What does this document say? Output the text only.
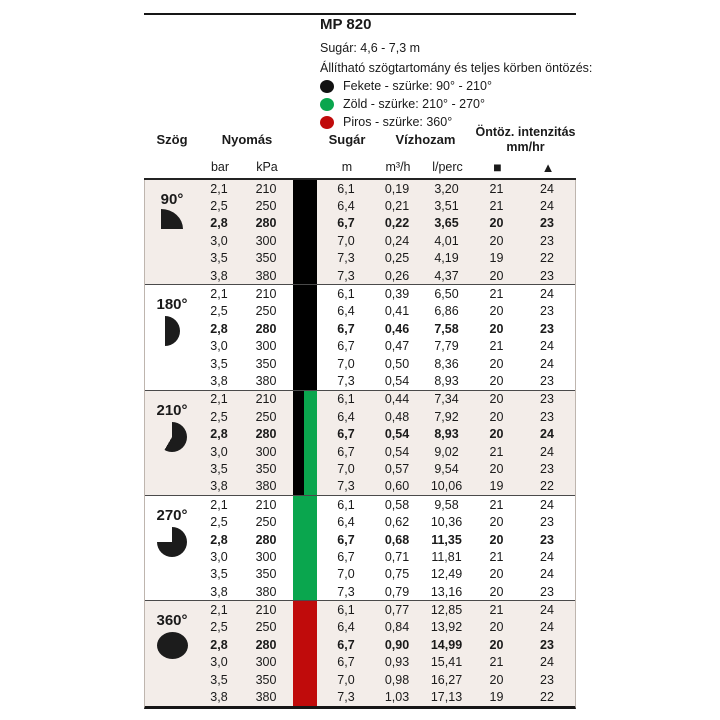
MP 820
Sugár: 4,6 - 7,3 m
Állítható szögtartomány és teljes körben öntözés:
Fekete - szürke: 90° - 210°
Zöld - szürke: 210° - 270°
Piros - szürke: 360°
Szög	Nyomás	Sugár	Vízhozam
Öntöz. intenzitás
mm/hr
bar	kPa	m	m³/h	l/perc	■	▲
90°
2,1	210	6,1	0,19	3,20	21	24
2,5	250	6,4	0,21	3,51	21	24
2,8	280	6,7	0,22	3,65	20	23
3,0	300	7,0	0,24	4,01	20	23
3,5	350	7,3	0,25	4,19	19	22
3,8	380	7,3	0,26	4,37	20	23
180°
2,1	210	6,1	0,39	6,50	21	24
2,5	250	6,4	0,41	6,86	20	23
2,8	280	6,7	0,46	7,58	20	23
3,0	300	6,7	0,47	7,79	21	24
3,5	350	7,0	0,50	8,36	20	24
3,8	380	7,3	0,54	8,93	20	23
210°
2,1	210	6,1	0,44	7,34	20	23
2,5	250	6,4	0,48	7,92	20	23
2,8	280	6,7	0,54	8,93	20	24
3,0	300	6,7	0,54	9,02	21	24
3,5	350	7,0	0,57	9,54	20	23
3,8	380	7,3	0,60	10,06	19	22
270°
2,1	210	6,1	0,58	9,58	21	24
2,5	250	6,4	0,62	10,36	20	23
2,8	280	6,7	0,68	11,35	20	23
3,0	300	6,7	0,71	11,81	21	24
3,5	350	7,0	0,75	12,49	20	24
3,8	380	7,3	0,79	13,16	20	23
360°
2,1	210	6,1	0,77	12,85	21	24
2,5	250	6,4	0,84	13,92	20	24
2,8	280	6,7	0,90	14,99	20	23
3,0	300	6,7	0,93	15,41	21	24
3,5	350	7,0	0,98	16,27	20	23
3,8	380	7,3	1,03	17,13	19	22
